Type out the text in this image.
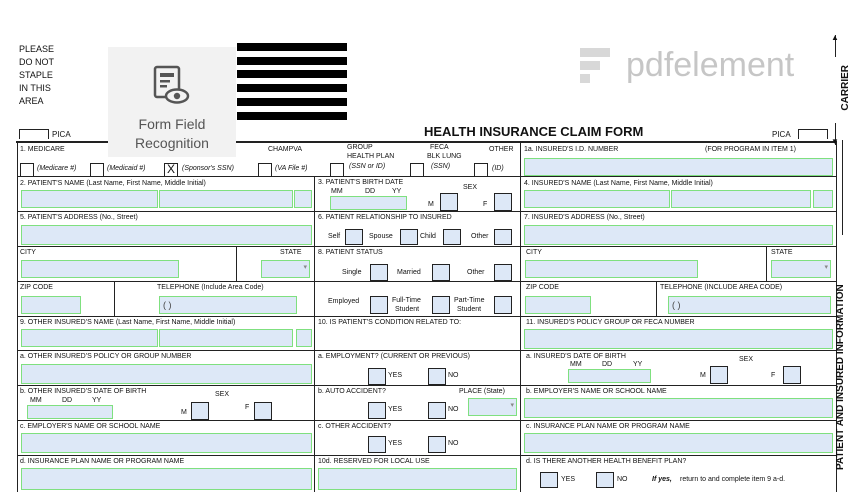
PLEASE
DO NOT
STAPLE
IN THIS
AREA
Form Field
Recognition
pdfelement
▲
CARRIER
▼
PATIENT AND INSURED INFORMATION
PICA	HEALTH INSURANCE CLAIM FORM	PICA
1. MEDICARE	CHAMPVA	GROUP
HEALTH PLAN
FECA
BLK LUNG
OTHER
(Medicare #)	(Medicaid #) X	(Sponsor's SSN)	(VA File #)	(SSN or ID)	(SSN)	(ID)
1a. INSURED'S I.D. NUMBER	(FOR PROGRAM IN ITEM 1)
2. PATIENT'S NAME (Last Name, First Name, Middle Initial)
5. PATIENT'S ADDRESS (No., Street)
CITY	STATE
▾
ZIP CODE	TELEPHONE (Include Area Code)
( )
9. OTHER INSURED'S NAME (Last Name, First Name, Middle Initial)
a. OTHER INSURED'S POLICY OR GROUP NUMBER
b. OTHER INSURED'S DATE OF BIRTH	SEX
MM	DD	YY
M
F
c. EMPLOYER'S NAME OR SCHOOL NAME
d. INSURANCE PLAN NAME OR PROGRAM NAME
3. PATIENT'S BIRTH DATE
MM	DD YY
SEX
M	F
6. PATIENT RELATIONSHIP TO INSURED
Self	Spouse	Child	Other
8. PATIENT STATUS
Single	Married	Other
Employed	Full-Time
Student
Part-Time
Student
10. IS PATIENT'S CONDITION RELATED TO:
a. EMPLOYMENT? (CURRENT OR PREVIOUS)
YES	NO
b. AUTO ACCIDENT?	PLACE (State)
YES	NO
▾
c. OTHER ACCIDENT?
YES	NO
10d. RESERVED FOR LOCAL USE
4. INSURED'S NAME (Last Name, First Name, Middle Initial)
7. INSURED'S ADDRESS (No., Street)
CITY	STATE
▾
ZIP CODE	TELEPHONE (INCLUDE AREA CODE)
( )
11. INSURED'S POLICY GROUP OR FECA NUMBER
a. INSURED'S DATE OF BIRTH	SEX
MM	DD	YY
M	F
b. EMPLOYER'S NAME OR SCHOOL NAME
c. INSURANCE PLAN NAME OR PROGRAM NAME
d. IS THERE ANOTHER HEALTH BENEFIT PLAN?
YES	NO	If yes, return to and complete item 9 a-d.
